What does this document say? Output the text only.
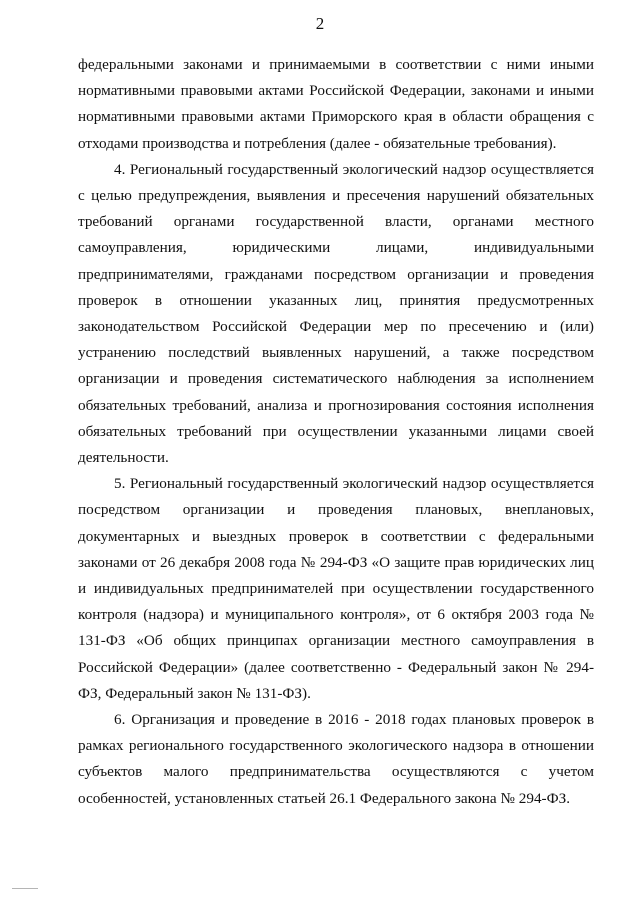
2

федеральными законами и принимаемыми в соответствии с ними иными нормативными правовыми актами Российской Федерации, законами и иными нормативными правовыми актами Приморского края в области обращения с отходами производства и потребления (далее - обязательные требования).

4. Региональный государственный экологический надзор осуществляется с целью предупреждения, выявления и пресечения нарушений обязательных требований органами государственной власти, органами местного самоуправления, юридическими лицами, индивидуальными предпринимателями, гражданами посредством организации и проведения проверок в отношении указанных лиц, принятия предусмотренных законодательством Российской Федерации мер по пресечению и (или) устранению последствий выявленных нарушений, а также посредством организации и проведения систематического наблюдения за исполнением обязательных требований, анализа и прогнозирования состояния исполнения обязательных требований при осуществлении указанными лицами своей деятельности.

5. Региональный государственный экологический надзор осуществляется посредством организации и проведения плановых, внеплановых, документарных и выездных проверок в соответствии с федеральными законами от 26 декабря 2008 года № 294-ФЗ «О защите прав юридических лиц и индивидуальных предпринимателей при осуществлении государственного контроля (надзора) и муниципального контроля», от 6 октября 2003 года № 131-ФЗ «Об общих принципах организации местного самоуправления в Российской Федерации» (далее соответственно - Федеральный закон № 294-ФЗ, Федеральный закон № 131-ФЗ).

6. Организация и проведение в 2016 - 2018 годах плановых проверок в рамках регионального государственного экологического надзора в отношении субъектов малого предпринимательства осуществляются с учетом особенностей, установленных статьей 26.1 Федерального закона № 294-ФЗ.
